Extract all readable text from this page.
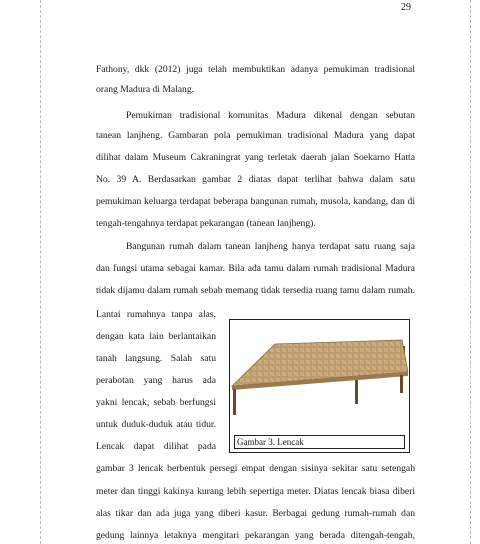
29
Fathony, dkk (2012) juga telah membuktikan adanya pemukiman tradisional
orang Madura di Malang.
Pemukiman tradisional komunitas Madura dikenal dengan sebutan
tanean lanjheng. Gambaran pola pemukiman tradisional Madura yang dapat
dilihat dalam Museum Cakraningrat yang terletak daerah jalan Soekarno Hatta
No. 39 A. Berdasarkan gambar 2 diatas dapat terlihat bahwa dalam satu
pemukiman keluarga terdapat beberapa bangunan rumah, musola, kandang, dan di
tengah-tengahnya terdapat pekarangan (tanean lanjheng).
Bangunan rumah dalam tanean lanjheng hanya terdapat satu ruang saja
dan fungsi utama sebagai kamar. Bila ada tamu dalam rumah tradisional Madura
tidak dijamu dalam rumah sebab memang tidak tersedia ruang tamu dalam rumah.
Lantai rumahnya tanpa alas,
dengan kata lain berlantaikan
tanah langsung. Salah satu
perabotan yang harus ada
yakni lencak, sebab berfungsi
untuk duduk-duduk atau tidur.
Lencak dapat dilihat pada
gambar 3 lencak berbentuk persegi empat dengan sisinya sekitar satu setengah
meter dan tinggi kakinya kurang lebih sepertiga meter. Diatas lencak biasa diberi
alas tikar dan ada juga yang diberi kasur. Berbagai gedung rumah-rumah dan
gedung lainnya letaknya mengitari pekarangan yang berada ditengah-tengah,
Gambar 3. Lencak
